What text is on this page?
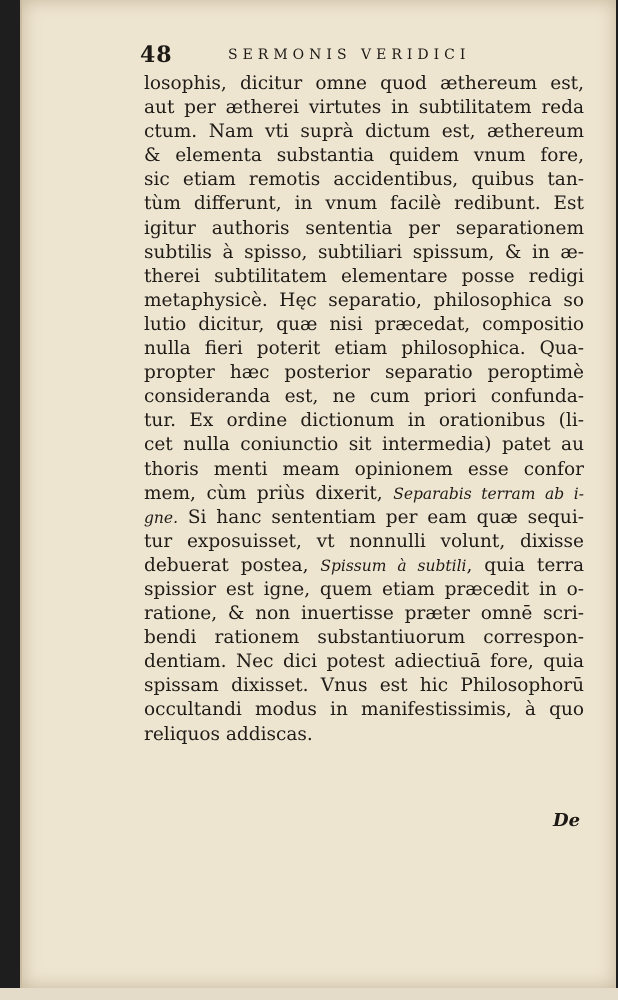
48	SERMONIS VERIDICI
losophis, dicitur omne quod æthereum est,
aut per ætherei virtutes in subtilitatem reda
ctum. Nam vti suprà dictum est, æthereum
& elementa substantia quidem vnum fore,
sic etiam remotis accidentibus, quibus tan-
tùm differunt, in vnum facilè redibunt. Est
igitur authoris sententia per separationem
subtilis à spisso, subtiliari spissum, & in æ-
therei subtilitatem elementare posse redigi
metaphysicè. Hęc separatio, philosophica so
lutio dicitur, quæ nisi præcedat, compositio
nulla fieri poterit etiam philosophica. Qua-
propter hæc posterior separatio peroptimè
consideranda est, ne cum priori confunda-
tur. Ex ordine dictionum in orationibus (li-
cet nulla coniunctio sit intermedia) patet au
thoris menti meam opinionem esse confor
mem, cùm priùs dixerit, Separabis terram ab i-
gne. Si hanc sententiam per eam quæ sequi-
tur exposuisset, vt nonnulli volunt, dixisse
debuerat postea, Spissum à subtili, quia terra
spissior est igne, quem etiam præcedit in o-
ratione, & non inuertisse præter omnē scri-
bendi rationem substantiuorum correspon-
dentiam. Nec dici potest adiectiuā fore, quia
spissam dixisset. Vnus est hic Philosophorū
occultandi modus in manifestissimis, à quo
reliquos addiscas.
De
